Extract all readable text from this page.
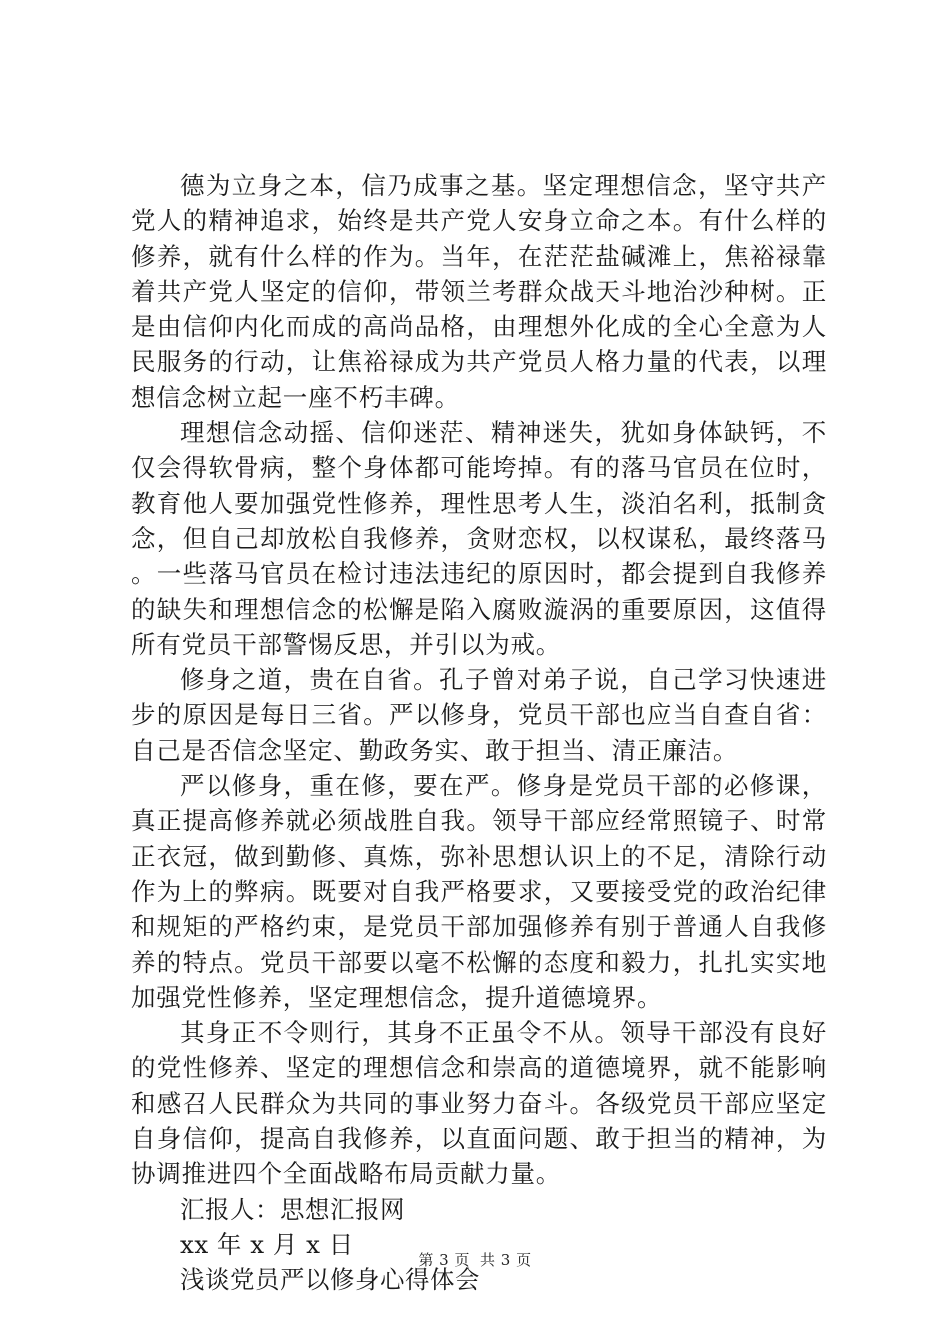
德为立身之本，信乃成事之基。坚定理想信念，坚守共产党人的精神追求，始终是共产党人安身立命之本。有什么样的修养，就有什么样的作为。当年，在茫茫盐碱滩上，焦裕禄靠着共产党人坚定的信仰，带领兰考群众战天斗地治沙种树。正是由信仰内化而成的高尚品格，由理想外化成的全心全意为人民服务的行动，让焦裕禄成为共产党员人格力量的代表，以理想信念树立起一座不朽丰碑。

理想信念动摇、信仰迷茫、精神迷失，犹如身体缺钙，不仅会得软骨病，整个身体都可能垮掉。有的落马官员在位时，教育他人要加强党性修养，理性思考人生，淡泊名利，抵制贪念，但自己却放松自我修养，贪财恋权，以权谋私，最终落马。一些落马官员在检讨违法违纪的原因时，都会提到自我修养的缺失和理想信念的松懈是陷入腐败漩涡的重要原因，这值得所有党员干部警惕反思，并引以为戒。

修身之道，贵在自省。孔子曾对弟子说，自己学习快速进步的原因是每日三省。严以修身，党员干部也应当自查自省：自己是否信念坚定、勤政务实、敢于担当、清正廉洁。

严以修身，重在修，要在严。修身是党员干部的必修课，真正提高修养就必须战胜自我。领导干部应经常照镜子、时常正衣冠，做到勤修、真炼，弥补思想认识上的不足，清除行动作为上的弊病。既要对自我严格要求，又要接受党的政治纪律和规矩的严格约束，是党员干部加强修养有别于普通人自我修养的特点。党员干部要以毫不松懈的态度和毅力，扎扎实实地加强党性修养，坚定理想信念，提升道德境界。

其身正不令则行，其身不正虽令不从。领导干部没有良好的党性修养、坚定的理想信念和崇高的道德境界，就不能影响和感召人民群众为共同的事业努力奋斗。各级党员干部应坚定自身信仰，提高自我修养，以直面问题、敢于担当的精神，为协调推进四个全面战略布局贡献力量。

汇报人：思想汇报网

xx 年 x 月 x 日

浅谈党员严以修身心得体会

第 3 页 共 3 页
